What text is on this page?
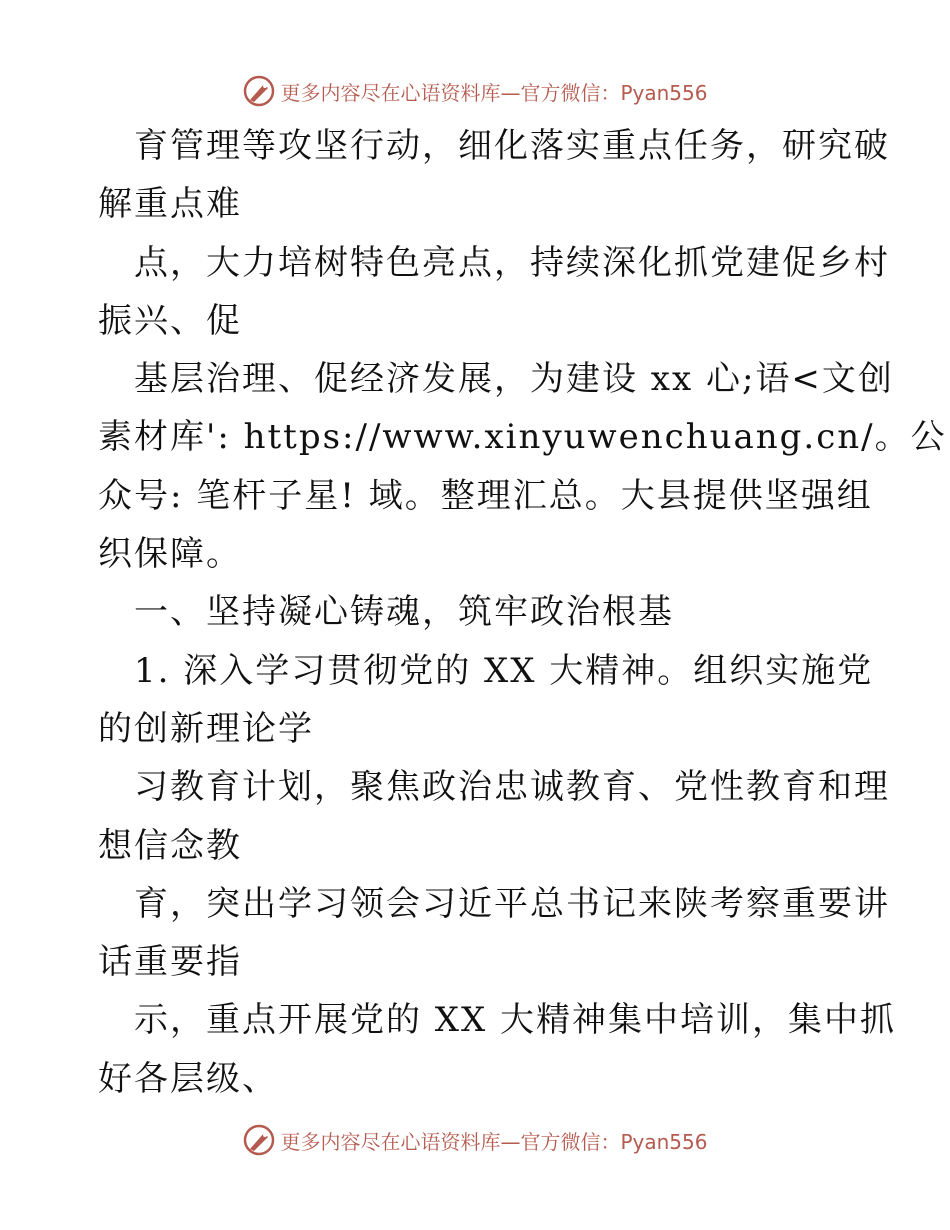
更多内容尽在心语资料库—官方微信：Pyan556
育管理等攻坚行动，细化落实重点任务，研究破
解重点难
点，大力培树特色亮点，持续深化抓党建促乡村
振兴、促
基层治理、促经济发展，为建设 xx 心;语<文创
素材库': https://www.xinyuwenchuang.cn/。公
众号: 笔杆子星! 域。整理汇总。大县提供坚强组
织保障。
一、坚持凝心铸魂，筑牢政治根基
1. 深入学习贯彻党的 XX 大精神。组织实施党
的创新理论学
习教育计划，聚焦政治忠诚教育、党性教育和理
想信念教
育，突出学习领会习近平总书记来陕考察重要讲
话重要指
示，重点开展党的 XX 大精神集中培训，集中抓
好各层级、
更多内容尽在心语资料库—官方微信：Pyan556
